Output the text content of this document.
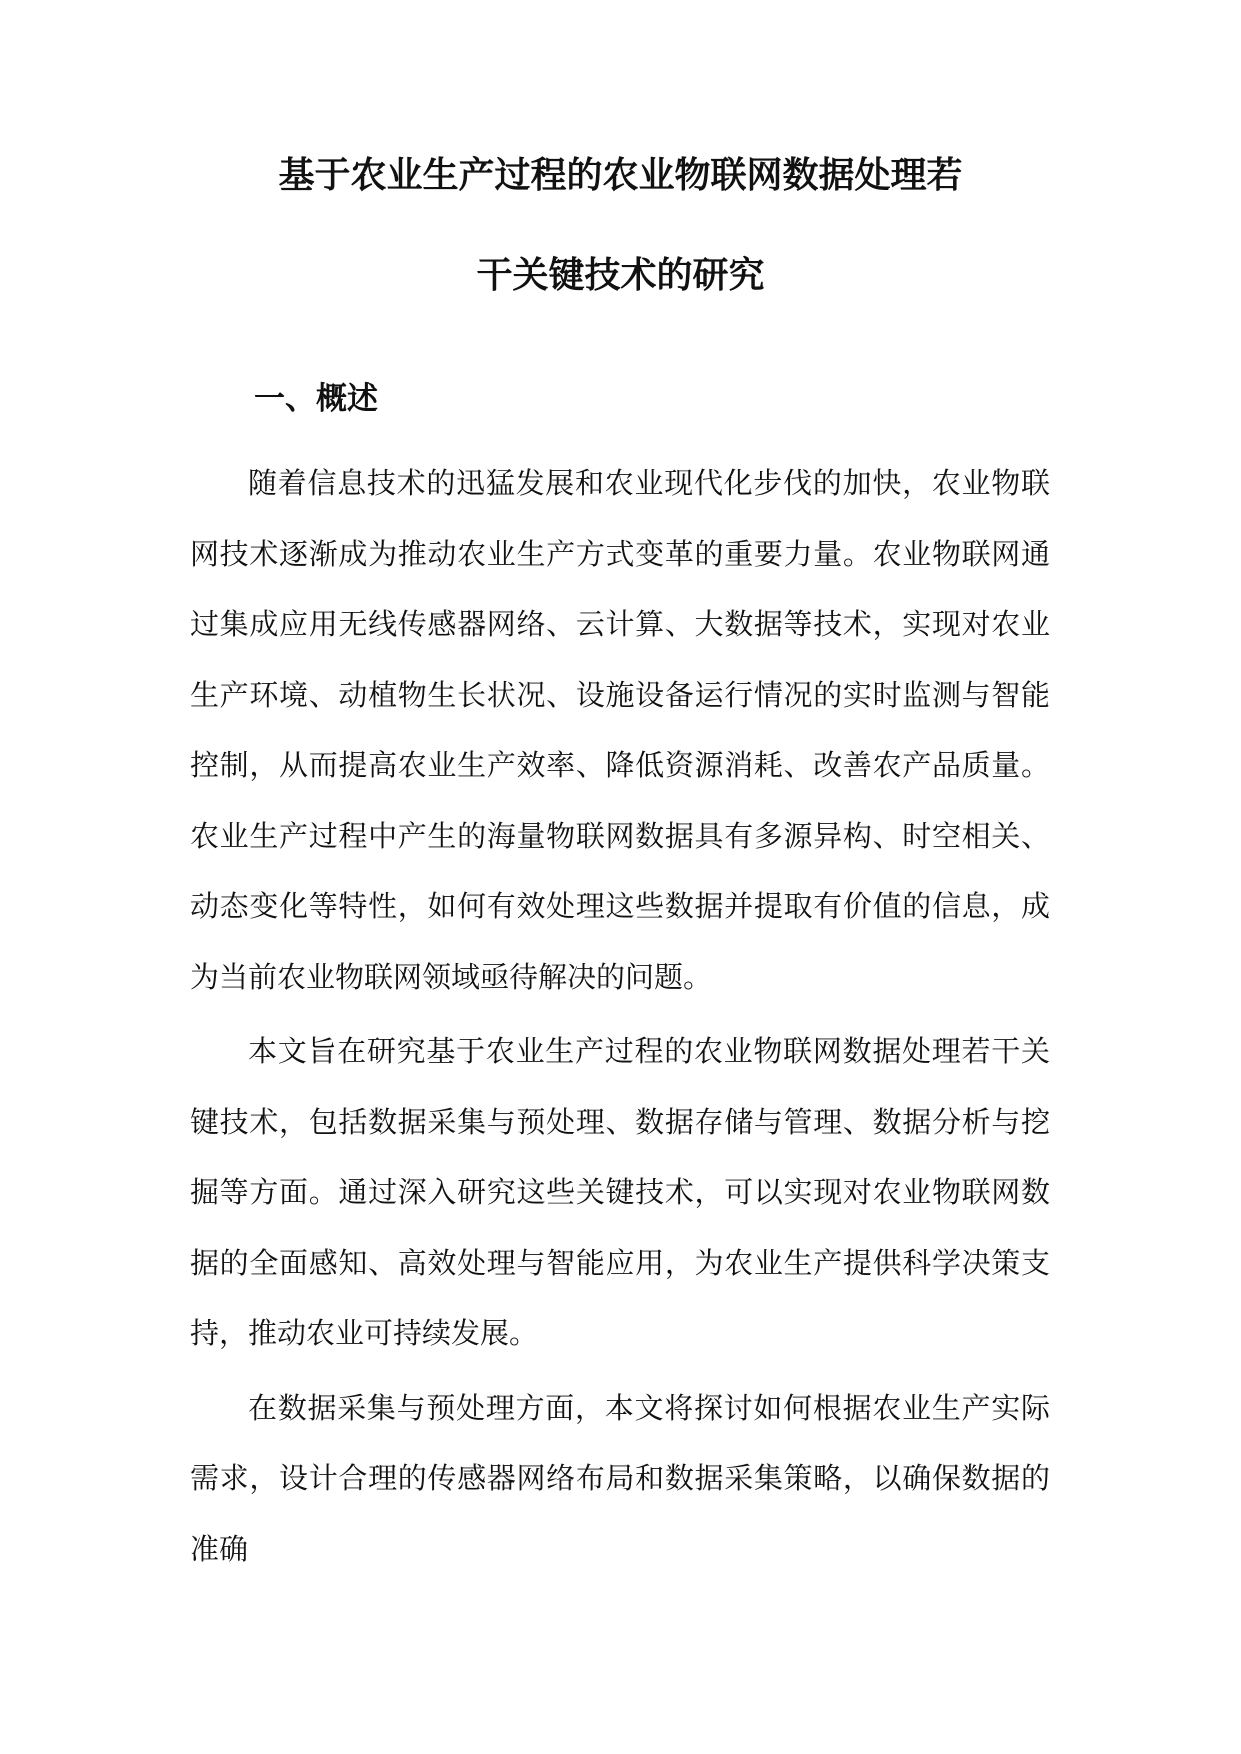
基于农业生产过程的农业物联网数据处理若
干关键技术的研究
一、概述

随着信息技术的迅猛发展和农业现代化步伐的加快，农业物联网技术逐渐成为推动农业生产方式变革的重要力量。农业物联网通过集成应用无线传感器网络、云计算、大数据等技术，实现对农业生产环境、动植物生长状况、设施设备运行情况的实时监测与智能控制，从而提高农业生产效率、降低资源消耗、改善农产品质量。农业生产过程中产生的海量物联网数据具有多源异构、时空相关、动态变化等特性，如何有效处理这些数据并提取有价值的信息，成为当前农业物联网领域亟待解决的问题。

本文旨在研究基于农业生产过程的农业物联网数据处理若干关键技术，包括数据采集与预处理、数据存储与管理、数据分析与挖掘等方面。通过深入研究这些关键技术，可以实现对农业物联网数据的全面感知、高效处理与智能应用，为农业生产提供科学决策支持，推动农业可持续发展。

在数据采集与预处理方面，本文将探讨如何根据农业生产实际需求，设计合理的传感器网络布局和数据采集策略，以确保数据的准确
